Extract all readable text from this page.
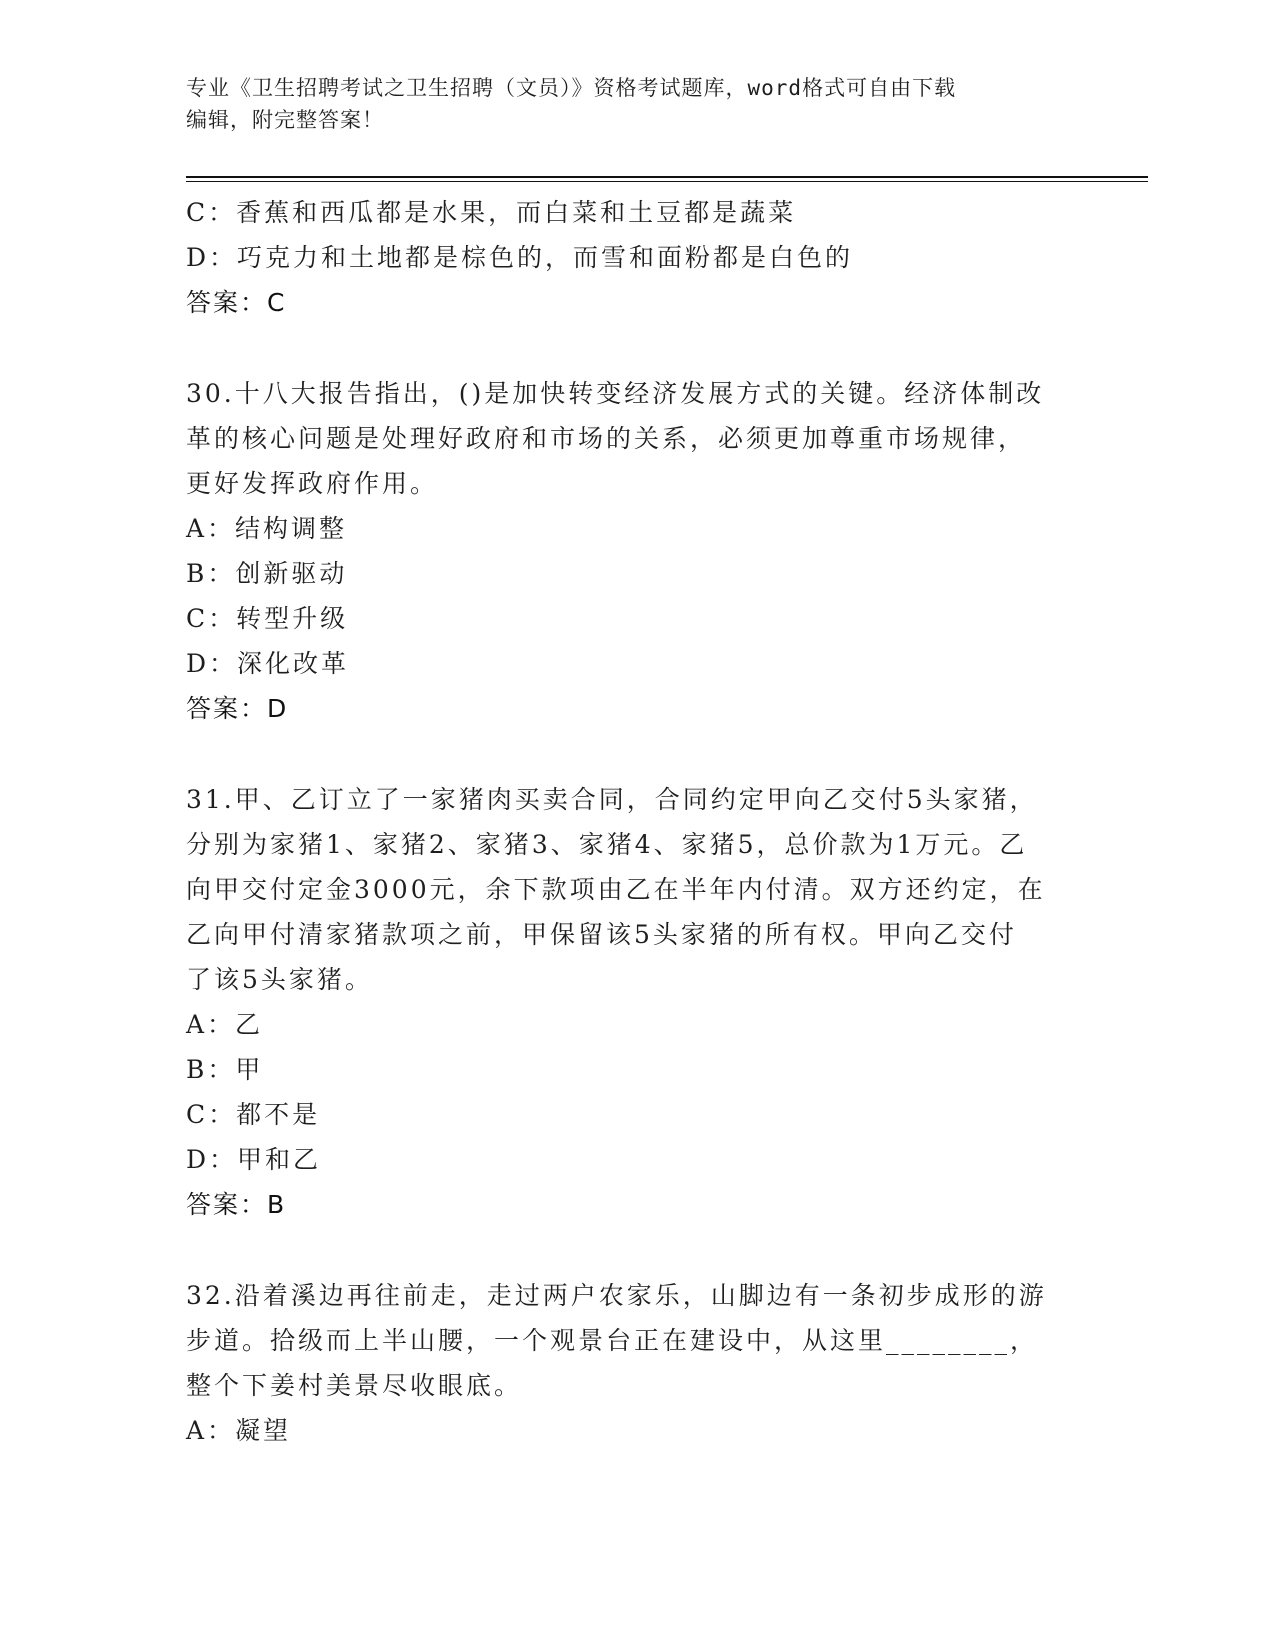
专业《卫生招聘考试之卫生招聘（文员）》资格考试题库，word格式可自由下载
编辑，附完整答案！
C：香蕉和西瓜都是水果，而白菜和土豆都是蔬菜
D：巧克力和土地都是棕色的，而雪和面粉都是白色的
答案：C
30.十八大报告指出，()是加快转变经济发展方式的关键。经济体制改
革的核心问题是处理好政府和市场的关系，必须更加尊重市场规律，
更好发挥政府作用。
A：结构调整
B：创新驱动
C：转型升级
D：深化改革
答案：D
31.甲、乙订立了一家猪肉买卖合同，合同约定甲向乙交付5头家猪，
分别为家猪1、家猪2、家猪3、家猪4、家猪5，总价款为1万元。乙
向甲交付定金3000元，余下款项由乙在半年内付清。双方还约定，在
乙向甲付清家猪款项之前，甲保留该5头家猪的所有权。甲向乙交付
了该5头家猪。
A：乙
B：甲
C：都不是
D：甲和乙
答案：B
32.沿着溪边再往前走，走过两户农家乐，山脚边有一条初步成形的游
步道。拾级而上半山腰，一个观景台正在建设中，从这里________，
整个下姜村美景尽收眼底。
A：凝望
